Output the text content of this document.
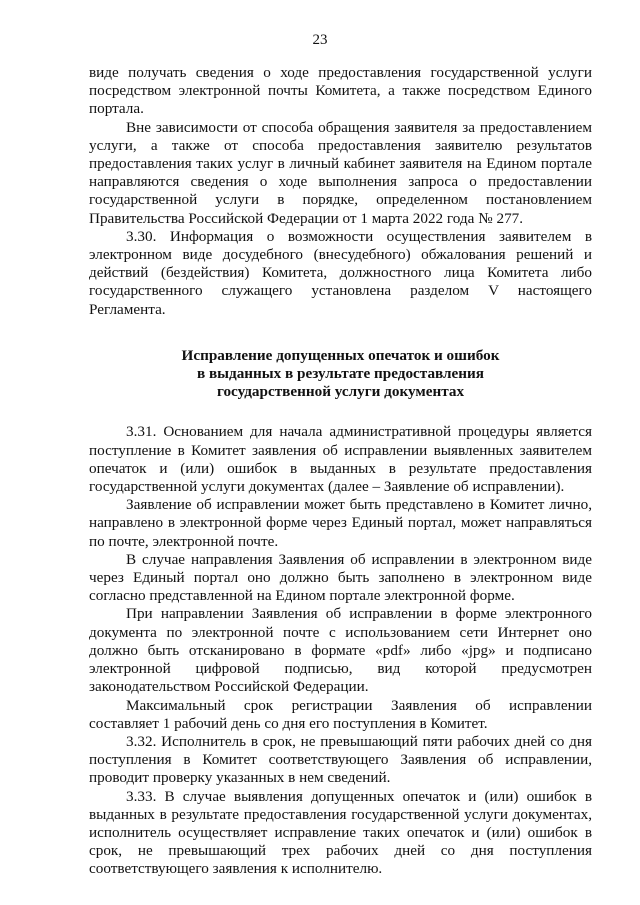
23

виде получать сведения о ходе предоставления государственной услуги посредством электронной почты Комитета, а также посредством Единого портала.

Вне зависимости от способа обращения заявителя за предоставлением услуги, а также от способа предоставления заявителю результатов предоставления таких услуг в личный кабинет заявителя на Едином портале направляются сведения о ходе выполнения запроса о предоставлении государственной услуги в порядке, определенном постановлением Правительства Российской Федерации от 1 марта 2022 года № 277.

3.30. Информация о возможности осуществления заявителем в электронном виде досудебного (внесудебного) обжалования решений и действий (бездействия) Комитета, должностного лица Комитета либо государственного служащего установлена разделом V настоящего Регламента.

Исправление допущенных опечаток и ошибок
в выданных в результате предоставления
государственной услуги документах

3.31. Основанием для начала административной процедуры является поступление в Комитет заявления об исправлении выявленных заявителем опечаток и (или) ошибок в выданных в результате предоставления государственной услуги документах (далее – Заявление об исправлении).

Заявление об исправлении может быть представлено в Комитет лично, направлено в электронной форме через Единый портал, может направляться по почте, электронной почте.

В случае направления Заявления об исправлении в электронном виде через Единый портал оно должно быть заполнено в электронном виде согласно представленной на Едином портале электронной форме.

При направлении Заявления об исправлении в форме электронного документа по электронной почте с использованием сети Интернет оно должно быть отсканировано в формате «pdf» либо «jpg» и подписано электронной цифровой подписью, вид которой предусмотрен законодательством Российской Федерации.

Максимальный срок регистрации Заявления об исправлении составляет 1 рабочий день со дня его поступления в Комитет.

3.32. Исполнитель в срок, не превышающий пяти рабочих дней со дня поступления в Комитет соответствующего Заявления об исправлении, проводит проверку указанных в нем сведений.

3.33. В случае выявления допущенных опечаток и (или) ошибок в выданных в результате предоставления государственной услуги документах, исполнитель осуществляет исправление таких опечаток и (или) ошибок в срок, не превышающий трех рабочих дней со дня поступления соответствующего заявления к исполнителю.
